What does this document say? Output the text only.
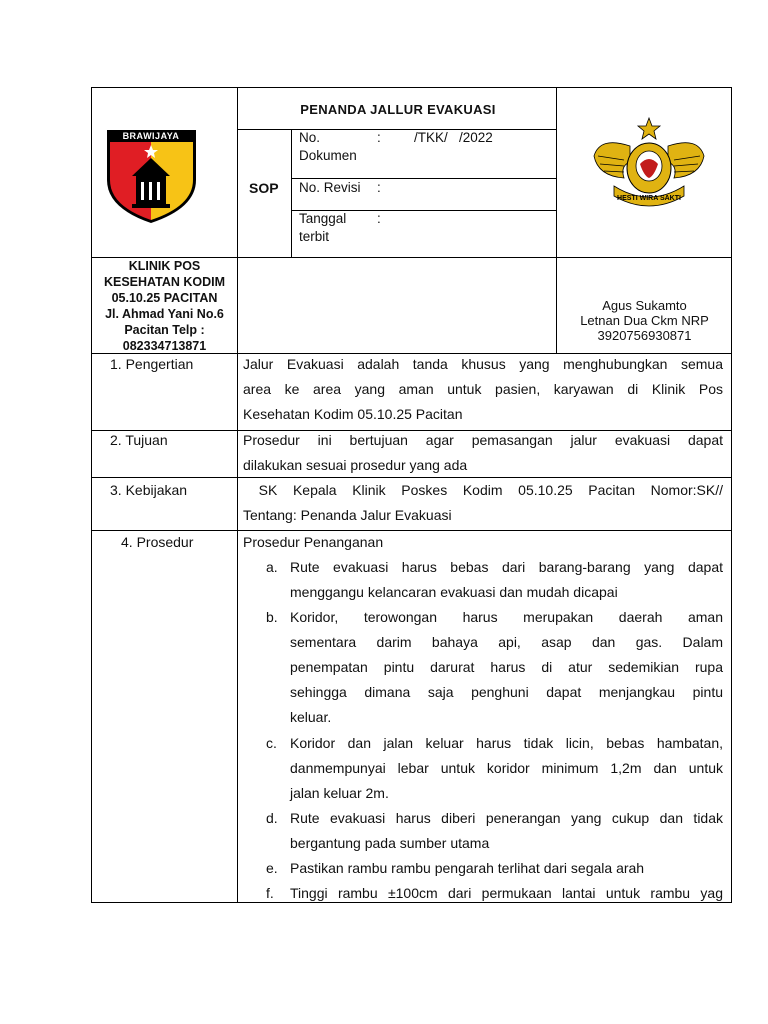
BRAWIJAYA
HESTI WIRA SAKTI
PENANDA JALLUR EVAKUASI
SOP
No.
Dokumen
: /TKK/   /2022
No. Revisi :
Tanggal
terbit
:
KLINIK POS
KESEHATAN KODIM
05.10.25 PACITAN
Jl. Ahmad Yani No.6
Pacitan Telp :
082334713871
Agus Sukamto
Letnan Dua Ckm NRP
3920756930871
1. Pengertian
2. Tujuan
3. Kebijakan
4. Prosedur
Jalur Evakuasi adalah tanda khusus yang menghubungkan semua
area ke area yang aman untuk pasien, karyawan di Klinik Pos
Kesehatan Kodim 05.10.25 Pacitan
Prosedur ini bertujuan agar pemasangan jalur evakuasi dapat
dilakukan sesuai prosedur yang ada
SK Kepala Klinik Poskes Kodim 05.10.25 Pacitan Nomor:SK//
Tentang: Penanda Jalur Evakuasi
Prosedur Penanganan
a. Rute evakuasi harus bebas dari barang-barang yang dapat
menggangu kelancaran evakuasi dan mudah dicapai
b. Koridor, terowongan harus merupakan daerah aman
sementara darim bahaya api, asap dan gas. Dalam
penempatan pintu darurat harus di atur sedemikian rupa
sehingga dimana saja penghuni dapat menjangkau pintu
keluar.
c. Koridor dan jalan keluar harus tidak licin, bebas hambatan,
danmempunyai lebar untuk koridor minimum 1,2m dan untuk
jalan keluar 2m.
d. Rute evakuasi harus diberi penerangan yang cukup dan tidak
bergantung pada sumber utama
e. Pastikan rambu rambu pengarah terlihat dari segala arah
f. Tinggi rambu ±100cm dari permukaan lantai untuk rambu yag
